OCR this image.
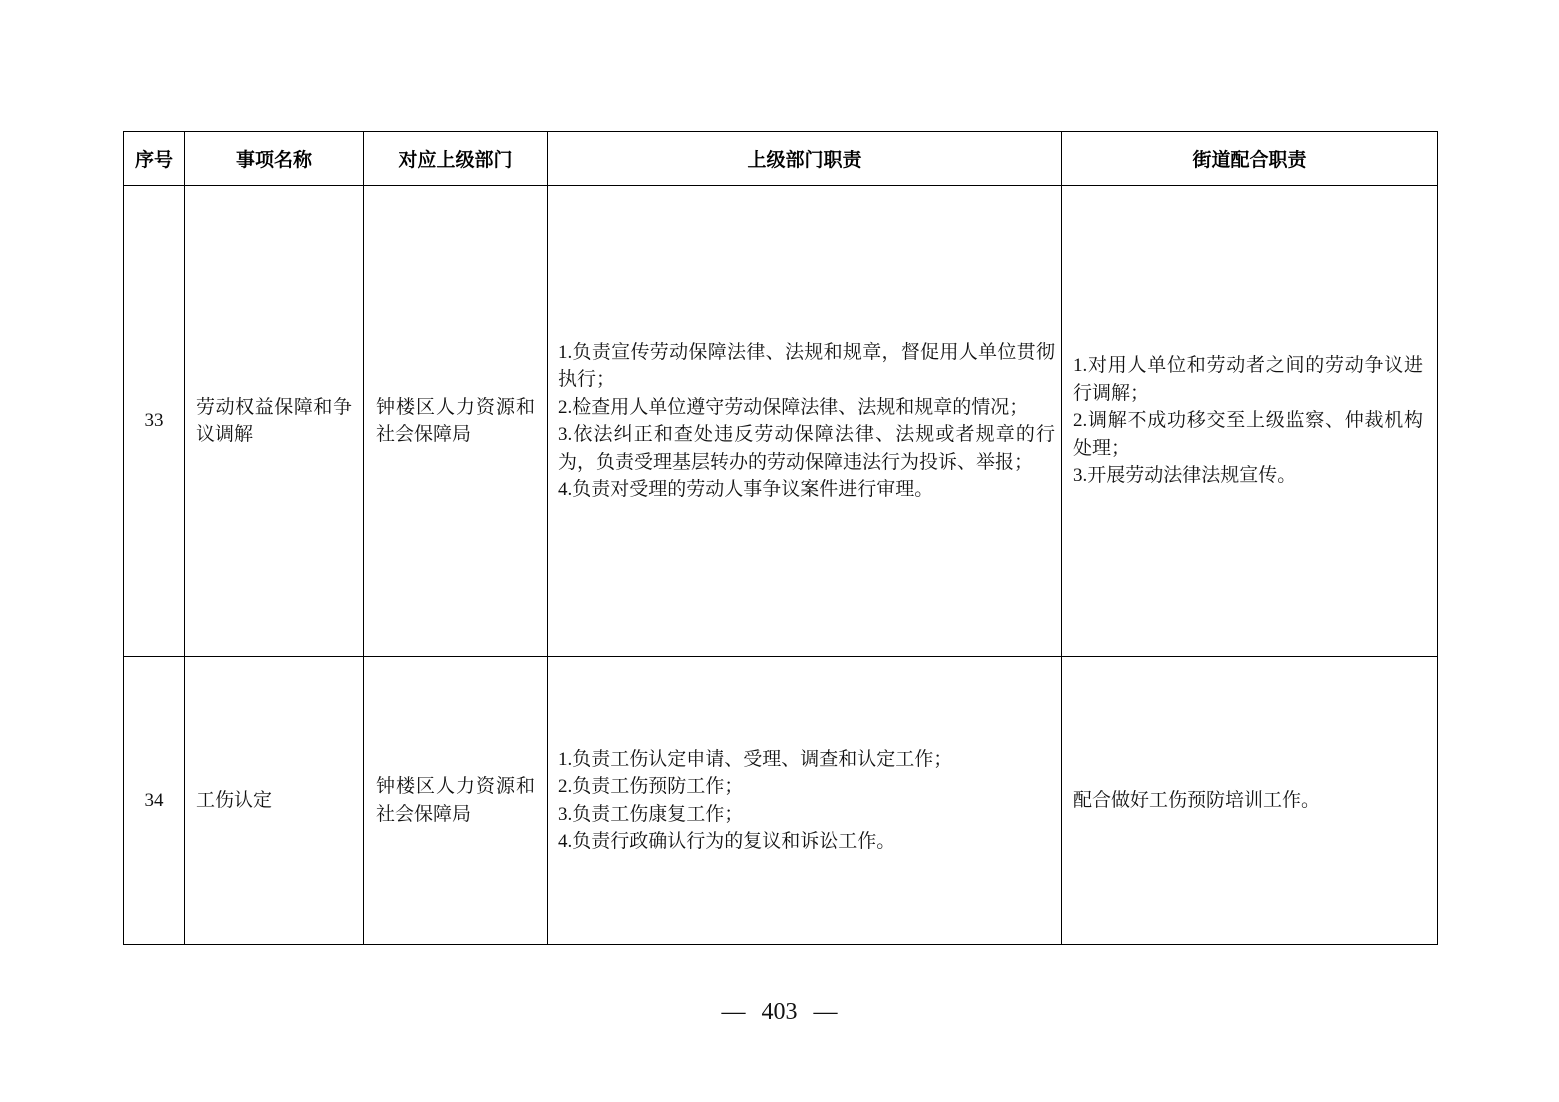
序号	事项名称	对应上级部门	上级部门职责	街道配合职责
33	劳动权益保障和争议调解	钟楼区人力资源和社会保障局	1.负责宣传劳动保障法律、法规和规章，督促用人单位贯彻执行；
2.检查用人单位遵守劳动保障法律、法规和规章的情况；
3.依法纠正和查处违反劳动保障法律、法规或者规章的行为，负责受理基层转办的劳动保障违法行为投诉、举报；
4.负责对受理的劳动人事争议案件进行审理。	1.对用人单位和劳动者之间的劳动争议进行调解；
2.调解不成功移交至上级监察、仲裁机构处理；
3.开展劳动法律法规宣传。

34	工伤认定	钟楼区人力资源和社会保障局	1.负责工伤认定申请、受理、调查和认定工作；
2.负责工伤预防工作；
3.负责工伤康复工作；
4.负责行政确认行为的复议和诉讼工作。	配合做好工伤预防培训工作。
— 403 —
